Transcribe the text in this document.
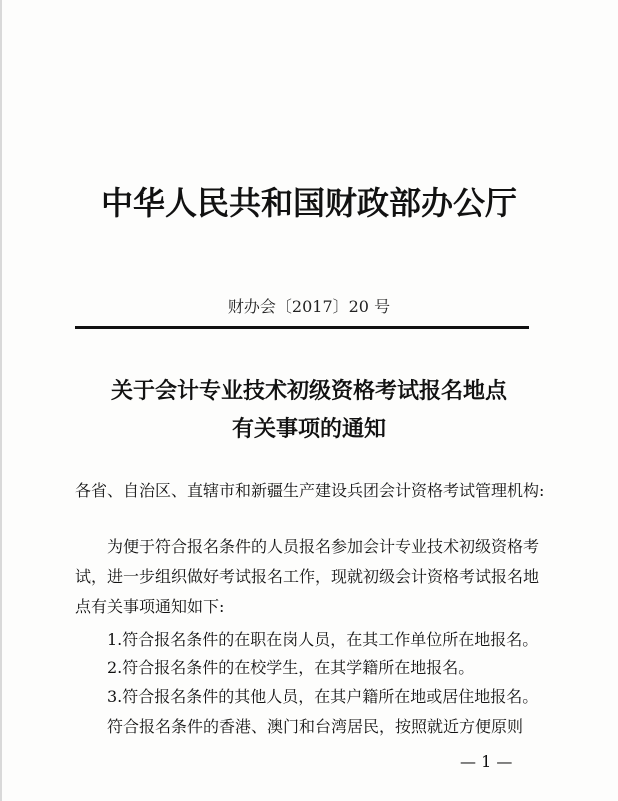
中华人民共和国财政部办公厅
财办会〔2017〕20 号
关于会计专业技术初级资格考试报名地点
有关事项的通知
各省、自治区、直辖市和新疆生产建设兵团会计资格考试管理机构:
为便于符合报名条件的人员报名参加会计专业技术初级资格考试，进一步组织做好考试报名工作，现就初级会计资格考试报名地点有关事项通知如下:
1.符合报名条件的在职在岗人员，在其工作单位所在地报名。
2.符合报名条件的在校学生，在其学籍所在地报名。
3.符合报名条件的其他人员，在其户籍所在地或居住地报名。
符合报名条件的香港、澳门和台湾居民，按照就近方便原则
— 1 —
